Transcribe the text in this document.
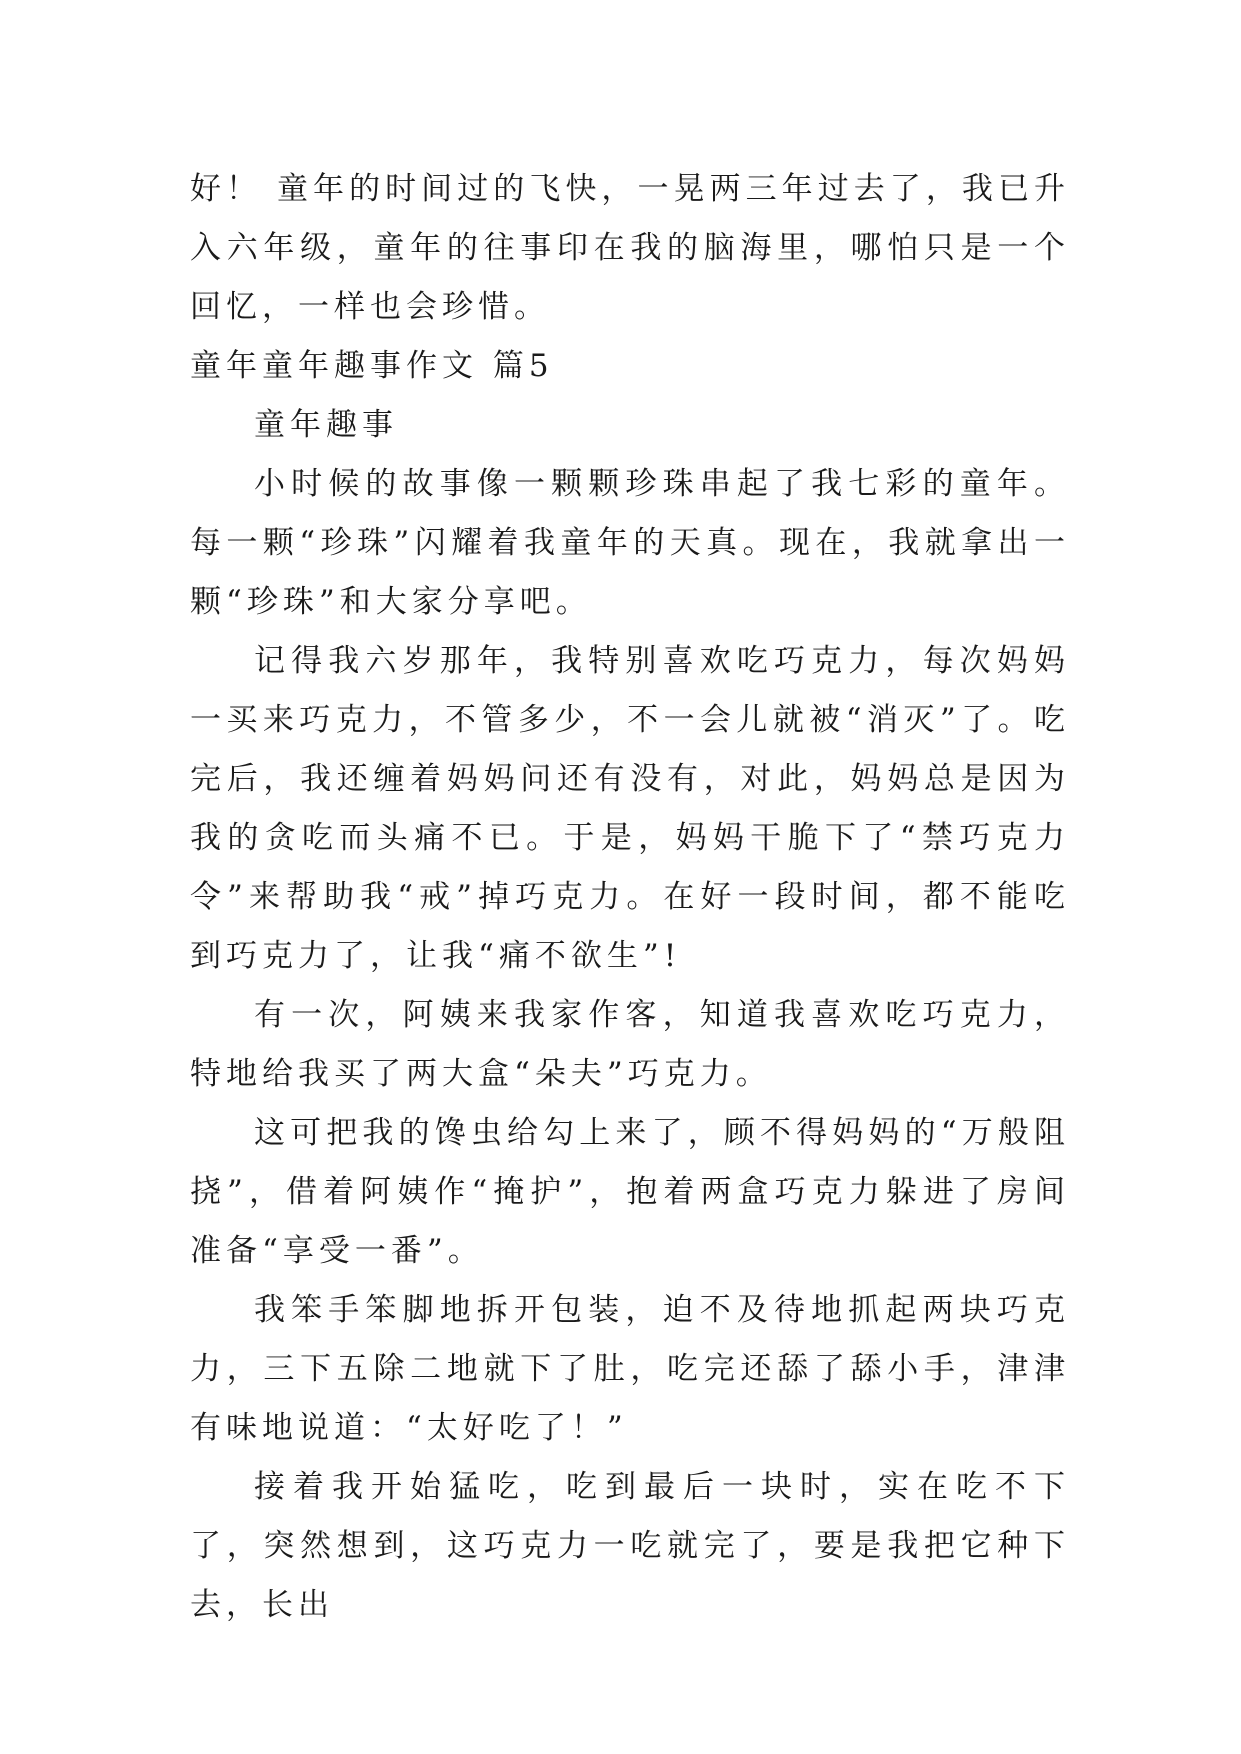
好！ 童年的时间过的飞快，一晃两三年过去了，我已升入六年级，童年的往事印在我的脑海里，哪怕只是一个回忆，一样也会珍惜。

童年童年趣事作文 篇5

童年趣事

小时候的故事像一颗颗珍珠串起了我七彩的童年。每一颗“珍珠”闪耀着我童年的天真。现在，我就拿出一颗“珍珠”和大家分享吧。

记得我六岁那年，我特别喜欢吃巧克力，每次妈妈一买来巧克力，不管多少，不一会儿就被“消灭”了。吃完后，我还缠着妈妈问还有没有，对此，妈妈总是因为我的贪吃而头痛不已。于是，妈妈干脆下了“禁巧克力令”来帮助我“戒”掉巧克力。在好一段时间，都不能吃到巧克力了，让我“痛不欲生”!

有一次，阿姨来我家作客，知道我喜欢吃巧克力，特地给我买了两大盒“朵夫”巧克力。

这可把我的馋虫给勾上来了，顾不得妈妈的“万般阻挠”，借着阿姨作“掩护”，抱着两盒巧克力躲进了房间准备“享受一番”。

我笨手笨脚地拆开包装，迫不及待地抓起两块巧克力，三下五除二地就下了肚，吃完还舔了舔小手，津津有味地说道：“太好吃了！”

接着我开始猛吃，吃到最后一块时，实在吃不下了，突然想到，这巧克力一吃就完了，要是我把它种下去，长出
